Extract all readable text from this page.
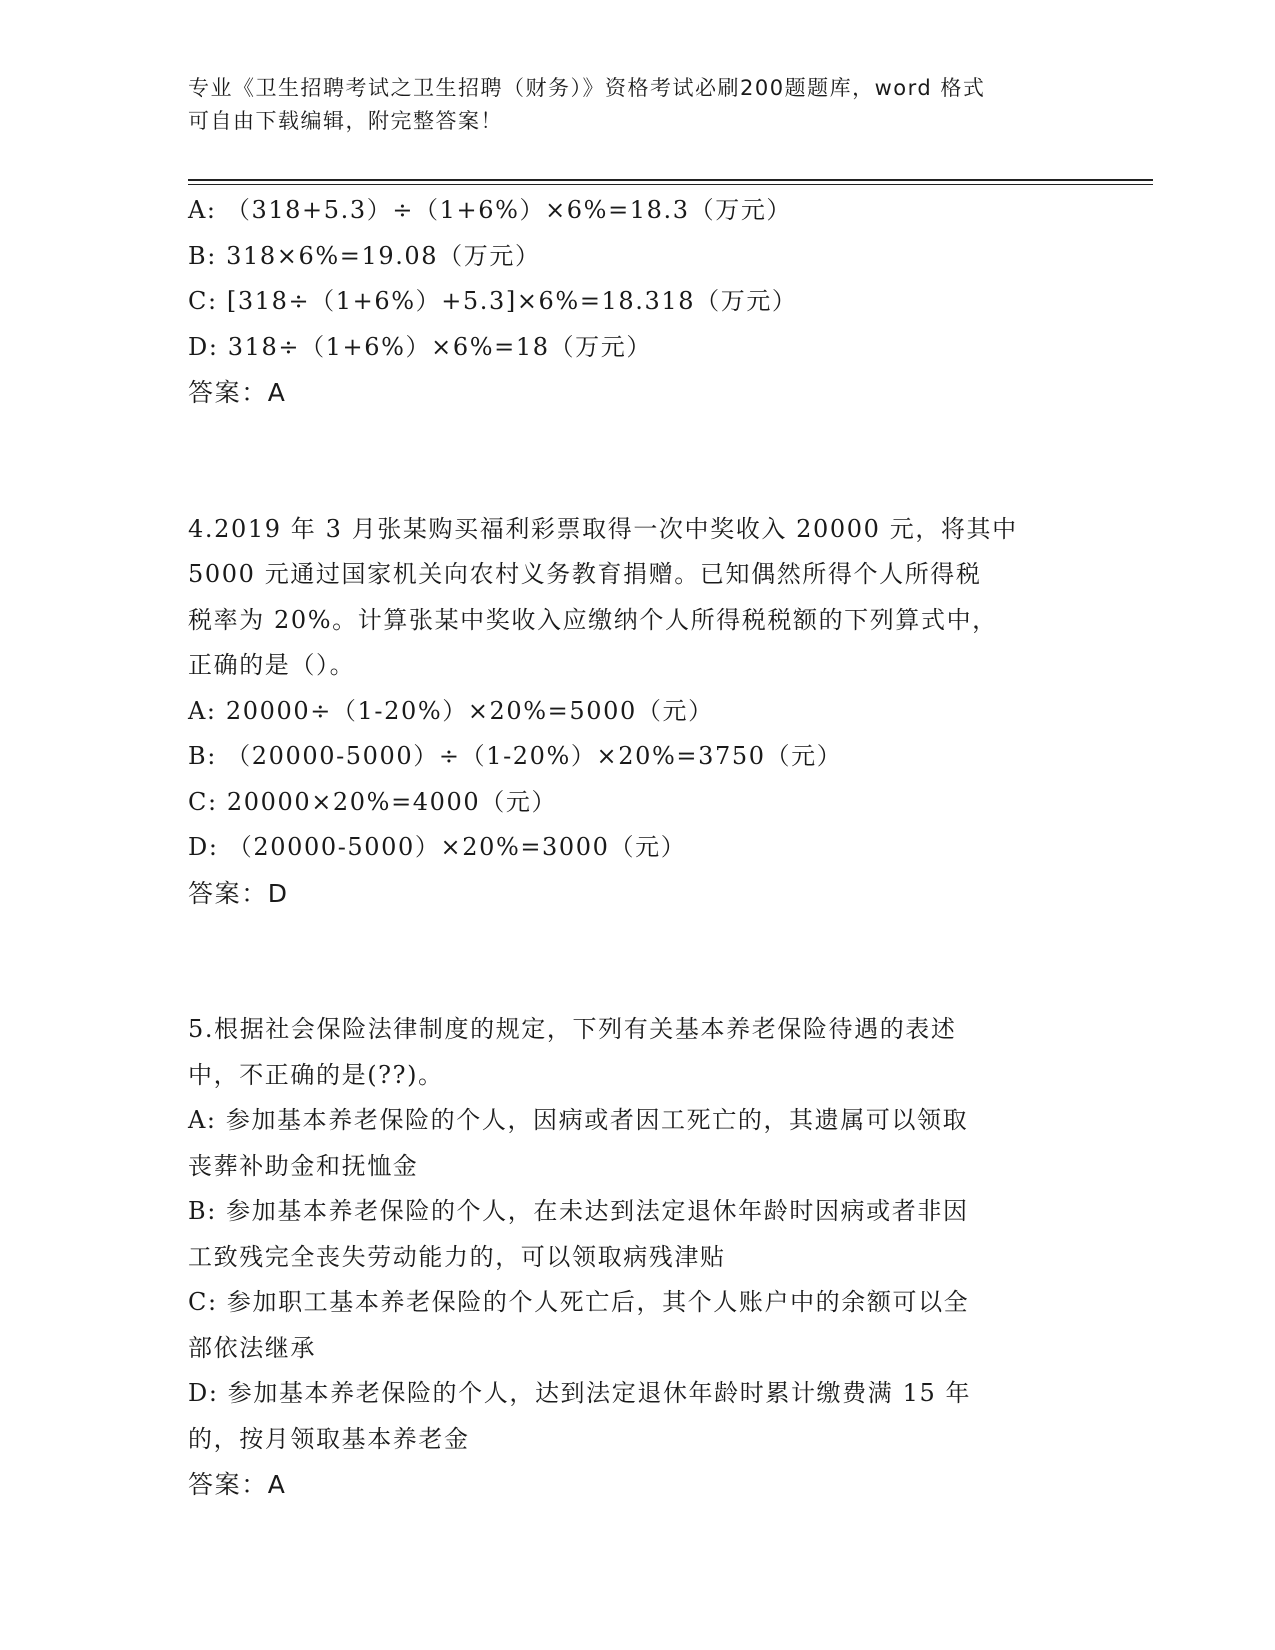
专业《卫生招聘考试之卫生招聘（财务）》资格考试必刷200题题库，word 格式
可自由下载编辑，附完整答案！
A: （318+5.3）÷（1+6%）×6%=18.3（万元）
B: 318×6%=19.08（万元）
C: [318÷（1+6%）+5.3]×6%=18.318（万元）
D: 318÷（1+6%）×6%=18（万元）
答案：A
4.2019 年 3 月张某购买福利彩票取得一次中奖收入 20000 元，将其中
5000 元通过国家机关向农村义务教育捐赠。已知偶然所得个人所得税
税率为 20%。计算张某中奖收入应缴纳个人所得税税额的下列算式中，
正确的是（）。
A: 20000÷（1-20%）×20%=5000（元）
B: （20000-5000）÷（1-20%）×20%=3750（元）
C: 20000×20%=4000（元）
D: （20000-5000）×20%=3000（元）
答案：D
5.根据社会保险法律制度的规定，下列有关基本养老保险待遇的表述
中，不正确的是(??)。
A: 参加基本养老保险的个人，因病或者因工死亡的，其遗属可以领取
丧葬补助金和抚恤金
B: 参加基本养老保险的个人，在未达到法定退休年龄时因病或者非因
工致残完全丧失劳动能力的，可以领取病残津贴
C: 参加职工基本养老保险的个人死亡后，其个人账户中的余额可以全
部依法继承
D: 参加基本养老保险的个人，达到法定退休年龄时累计缴费满 15 年
的，按月领取基本养老金
答案：A
